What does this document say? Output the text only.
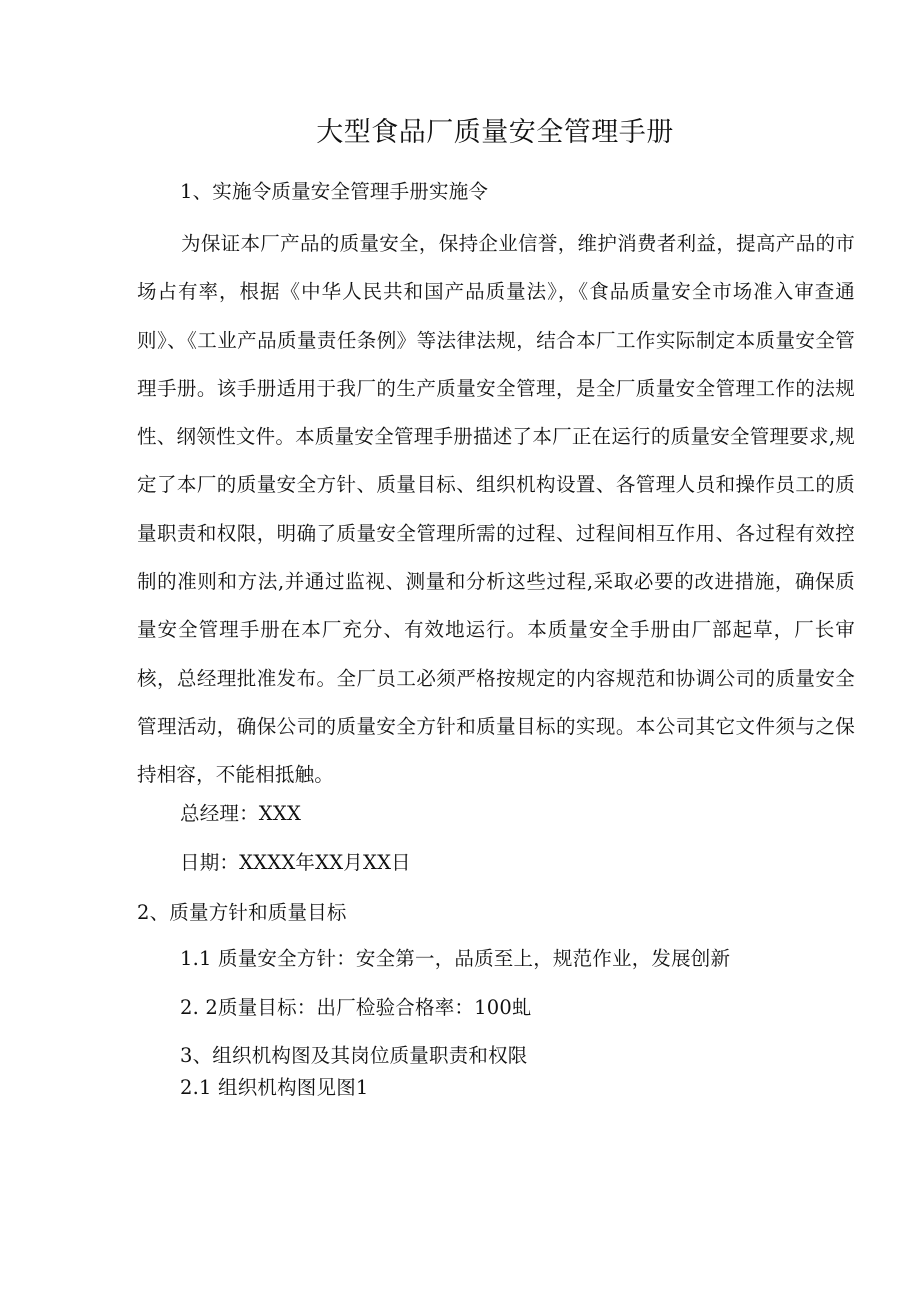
大型食品厂质量安全管理手册
1、实施令质量安全管理手册实施令
为保证本厂产品的质量安全，保持企业信誉，维护消费者利益，提高产品的市场占有率，根据《中华人民共和国产品质量法》，《食品质量安全市场准入审查通则》、《工业产品质量责任条例》等法律法规，结合本厂工作实际制定本质量安全管理手册。该手册适用于我厂的生产质量安全管理，是全厂质量安全管理工作的法规性、纲领性文件。本质量安全管理手册描述了本厂正在运行的质量安全管理要求,规定了本厂的质量安全方针、质量目标、组织机构设置、各管理人员和操作员工的质量职责和权限，明确了质量安全管理所需的过程、过程间相互作用、各过程有效控制的准则和方法,并通过监视、测量和分析这些过程,采取必要的改进措施，确保质量安全管理手册在本厂充分、有效地运行。本质量安全手册由厂部起草，厂长审核，总经理批准发布。全厂员工必须严格按规定的内容规范和协调公司的质量安全管理活动，确保公司的质量安全方针和质量目标的实现。本公司其它文件须与之保持相容，不能相抵触。
总经理：XXX
日期：XXXX年XX月XX日
2、质量方针和质量目标
1.1 质量安全方针：安全第一，品质至上，规范作业，发展创新
2. 2质量目标：出厂检验合格率：100虬
3、组织机构图及其岗位质量职责和权限
2.1 组织机构图见图1
